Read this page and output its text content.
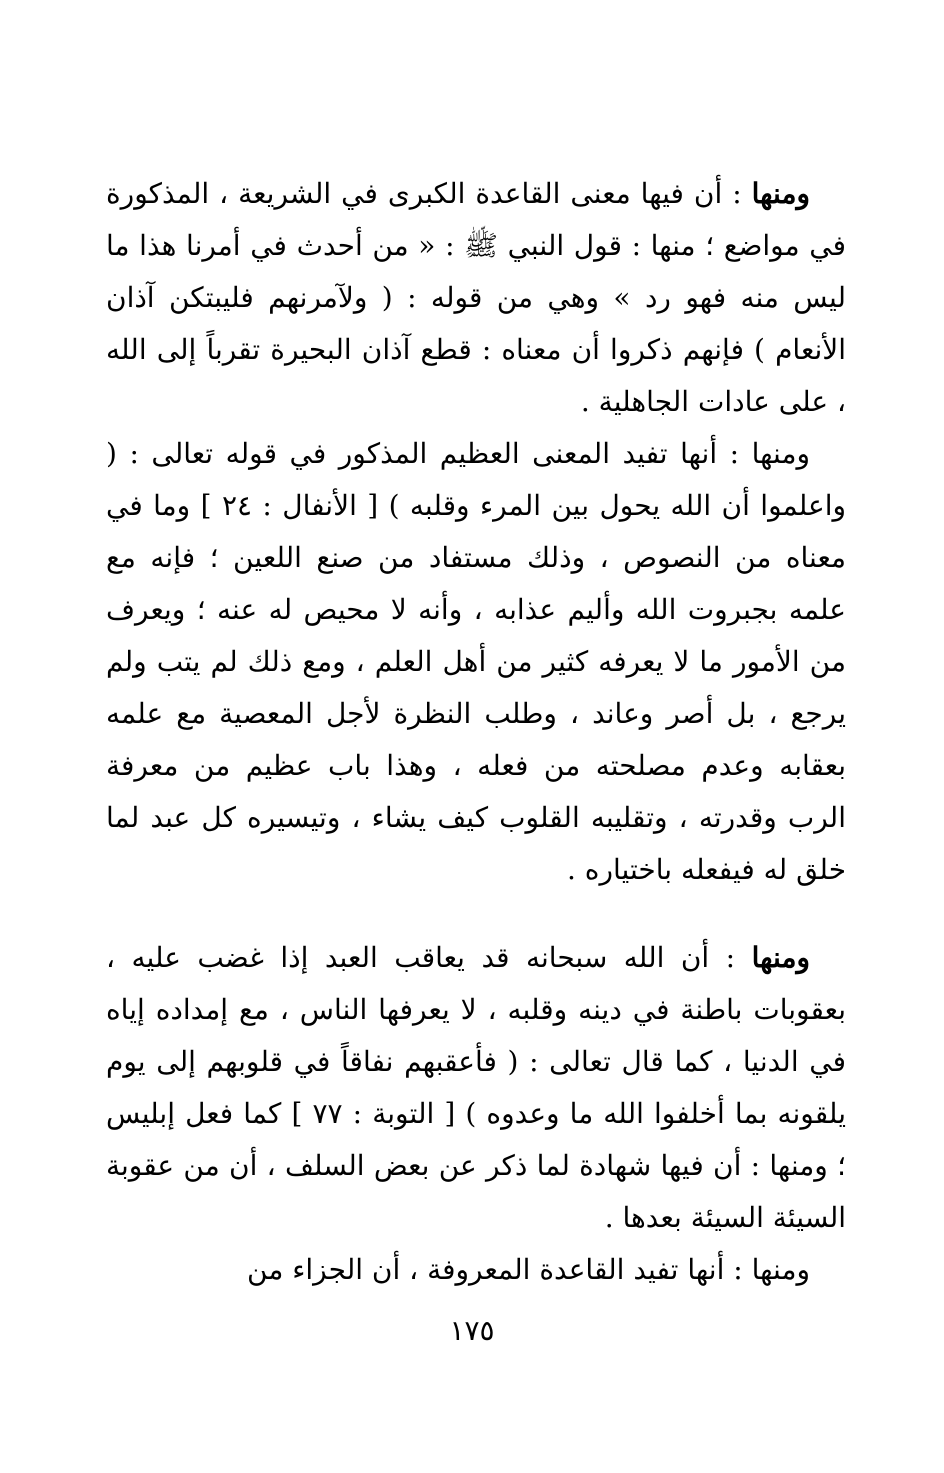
ومنها : أن فيها معنى القاعدة الكبرى في الشريعة ، المذكورة في مواضع ؛ منها : قول النبي ﷺ : « من أحدث في أمرنا هذا ما ليس منه فهو رد » وهي من قوله : ( ولآمرنهم فليبتكن آذان الأنعام ) فإنهم ذكروا أن معناه : قطع آذان البحيرة تقرباً إلى الله ، على عادات الجاهلية .

ومنها : أنها تفيد المعنى العظيم المذكور في قوله تعالى : ( واعلموا أن الله يحول بين المرء وقلبه ) [ الأنفال : ٢٤ ] وما في معناه من النصوص ، وذلك مستفاد من صنع اللعين ؛ فإنه مع علمه بجبروت الله وأليم عذابه ، وأنه لا محيص له عنه ؛ ويعرف من الأمور ما لا يعرفه كثير من أهل العلم ، ومع ذلك لم يتب ولم يرجع ، بل أصر وعاند ، وطلب النظرة لأجل المعصية مع علمه بعقابه وعدم مصلحته من فعله ، وهذا باب عظيم من معرفة الرب وقدرته ، وتقليبه القلوب كيف يشاء ، وتيسيره كل عبد لما خلق له فيفعله باختياره .

ومنها : أن الله سبحانه قد يعاقب العبد إذا غضب عليه ، بعقوبات باطنة في دينه وقلبه ، لا يعرفها الناس ، مع إمداده إياه في الدنيا ، كما قال تعالى : ( فأعقبهم نفاقاً في قلوبهم إلى يوم يلقونه بما أخلفوا الله ما وعدوه ) [ التوبة : ٧٧ ] كما فعل إبليس ؛ ومنها : أن فيها شهادة لما ذكر عن بعض السلف ، أن من عقوبة السيئة السيئة بعدها .

ومنها : أنها تفيد القاعدة المعروفة ، أن الجزاء من

١٧٥
